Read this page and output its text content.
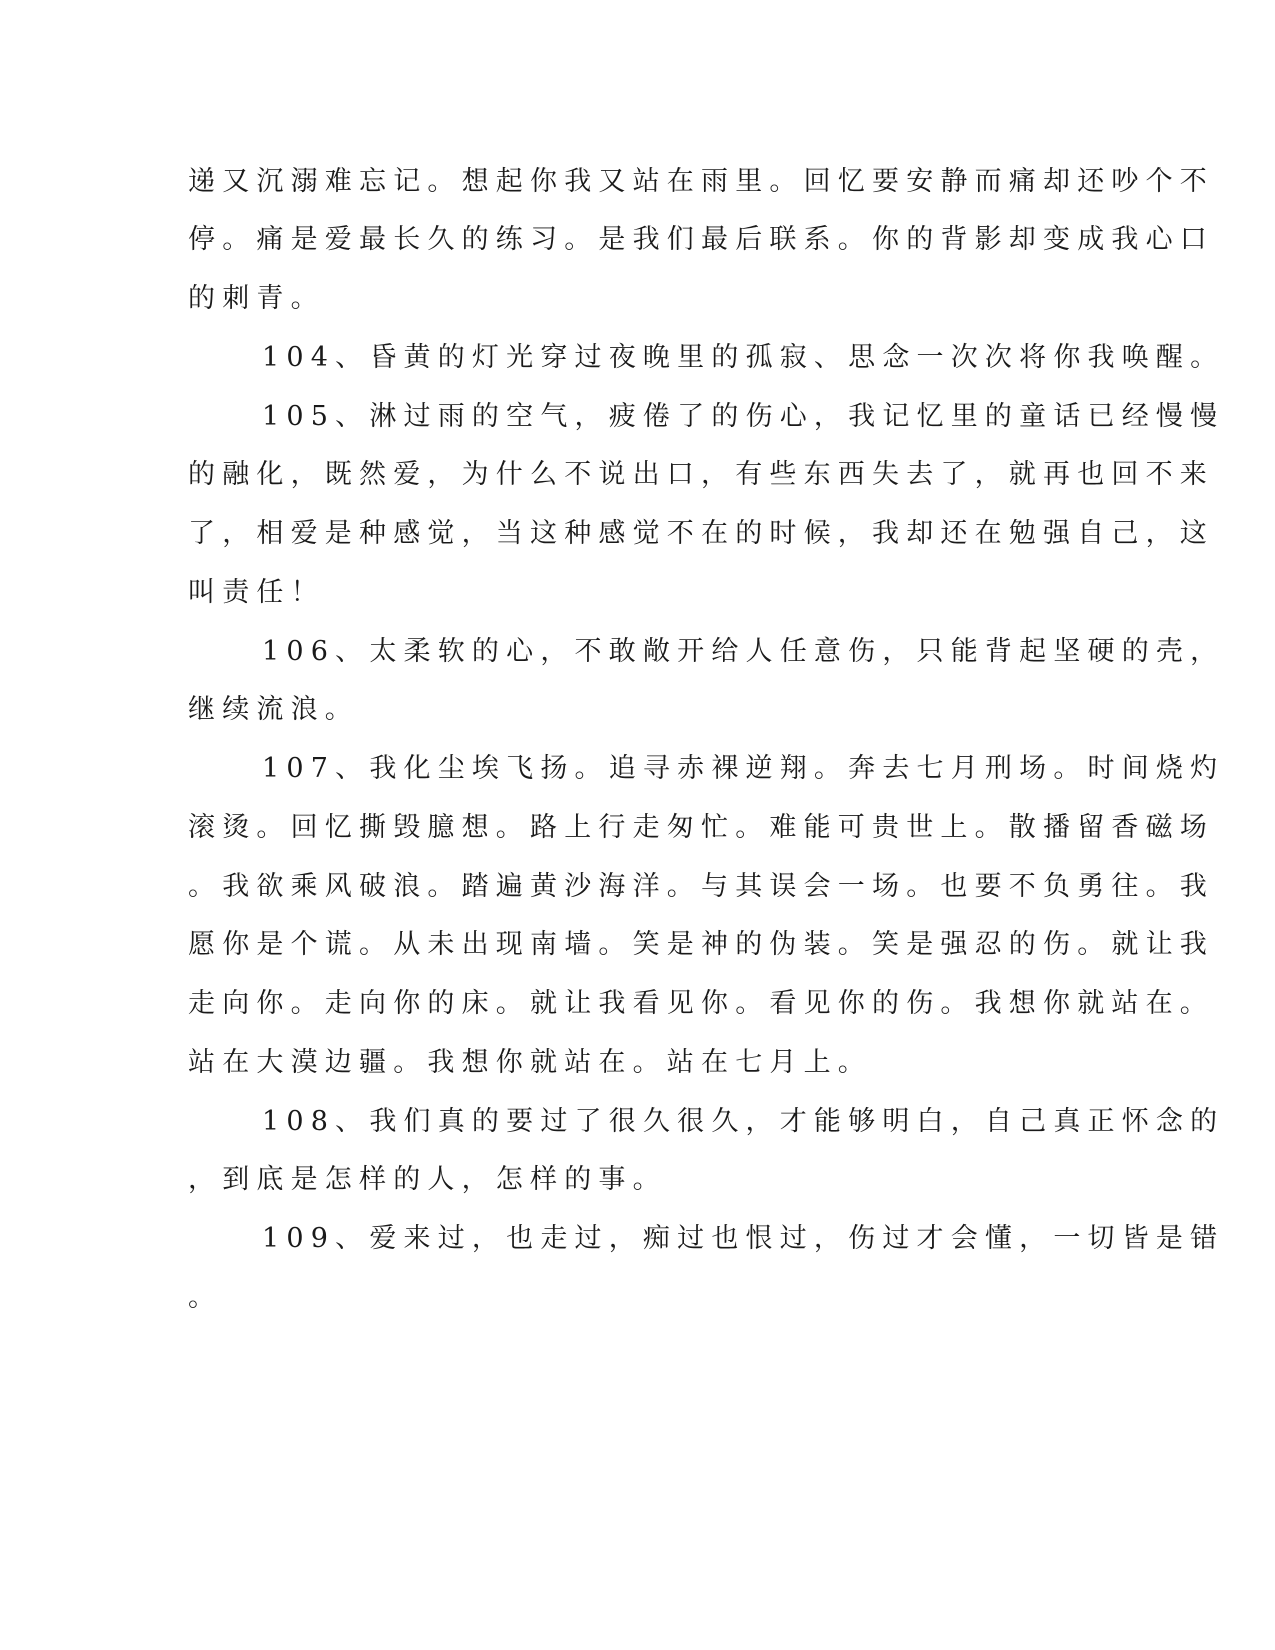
递又沉溺难忘记。想起你我又站在雨里。回忆要安静而痛却还吵个不
停。痛是爱最长久的练习。是我们最后联系。你的背影却变成我心口
的刺青。
104、昏黄的灯光穿过夜晚里的孤寂、思念一次次将你我唤醒。
105、淋过雨的空气，疲倦了的伤心，我记忆里的童话已经慢慢
的融化，既然爱，为什么不说出口，有些东西失去了，就再也回不来
了，相爱是种感觉，当这种感觉不在的时候，我却还在勉强自己，这
叫责任！
106、太柔软的心，不敢敞开给人任意伤，只能背起坚硬的壳，
继续流浪。
107、我化尘埃飞扬。追寻赤裸逆翔。奔去七月刑场。时间烧灼
滚烫。回忆撕毁臆想。路上行走匆忙。难能可贵世上。散播留香磁场
。我欲乘风破浪。踏遍黄沙海洋。与其误会一场。也要不负勇往。我
愿你是个谎。从未出现南墙。笑是神的伪装。笑是强忍的伤。就让我
走向你。走向你的床。就让我看见你。看见你的伤。我想你就站在。
站在大漠边疆。我想你就站在。站在七月上。
108、我们真的要过了很久很久，才能够明白，自己真正怀念的
，到底是怎样的人，怎样的事。
109、爱来过，也走过，痴过也恨过，伤过才会懂，一切皆是错
。
